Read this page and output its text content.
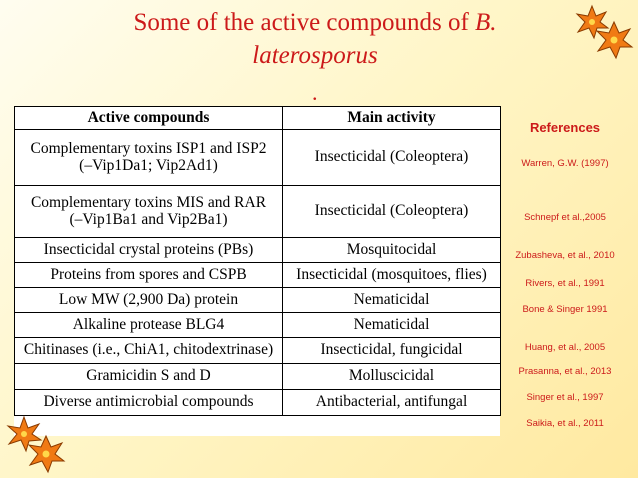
Some of the active compounds of B.
laterosporus
.
Active compounds	Main activity
Complementary toxins ISP1 and ISP2
(–Vip1Da1; Vip2Ad1)	Insecticidal (Coleoptera)
Complementary toxins MIS and RAR
(–Vip1Ba1 and Vip2Ba1)	Insecticidal (Coleoptera)
Insecticidal crystal proteins (PBs)	Mosquitocidal
Proteins from spores and CSPB	Insecticidal (mosquitoes, flies)
Low MW (2,900 Da) protein	Nematicidal
Alkaline protease BLG4	Nematicidal
Chitinases (i.e., ChiA1, chitodextrinase)	Insecticidal, fungicidal
Gramicidin S and D	Molluscicidal
Diverse antimicrobial compounds	Antibacterial, antifungal
References
Warren, G.W. (1997)
Schnepf et al.,2005
Zubasheva, et al., 2010
Rivers, et al., 1991
Bone & Singer 1991
Huang, et al., 2005
Prasanna, et al., 2013
Singer et al., 1997
Saikia, et al., 2011
